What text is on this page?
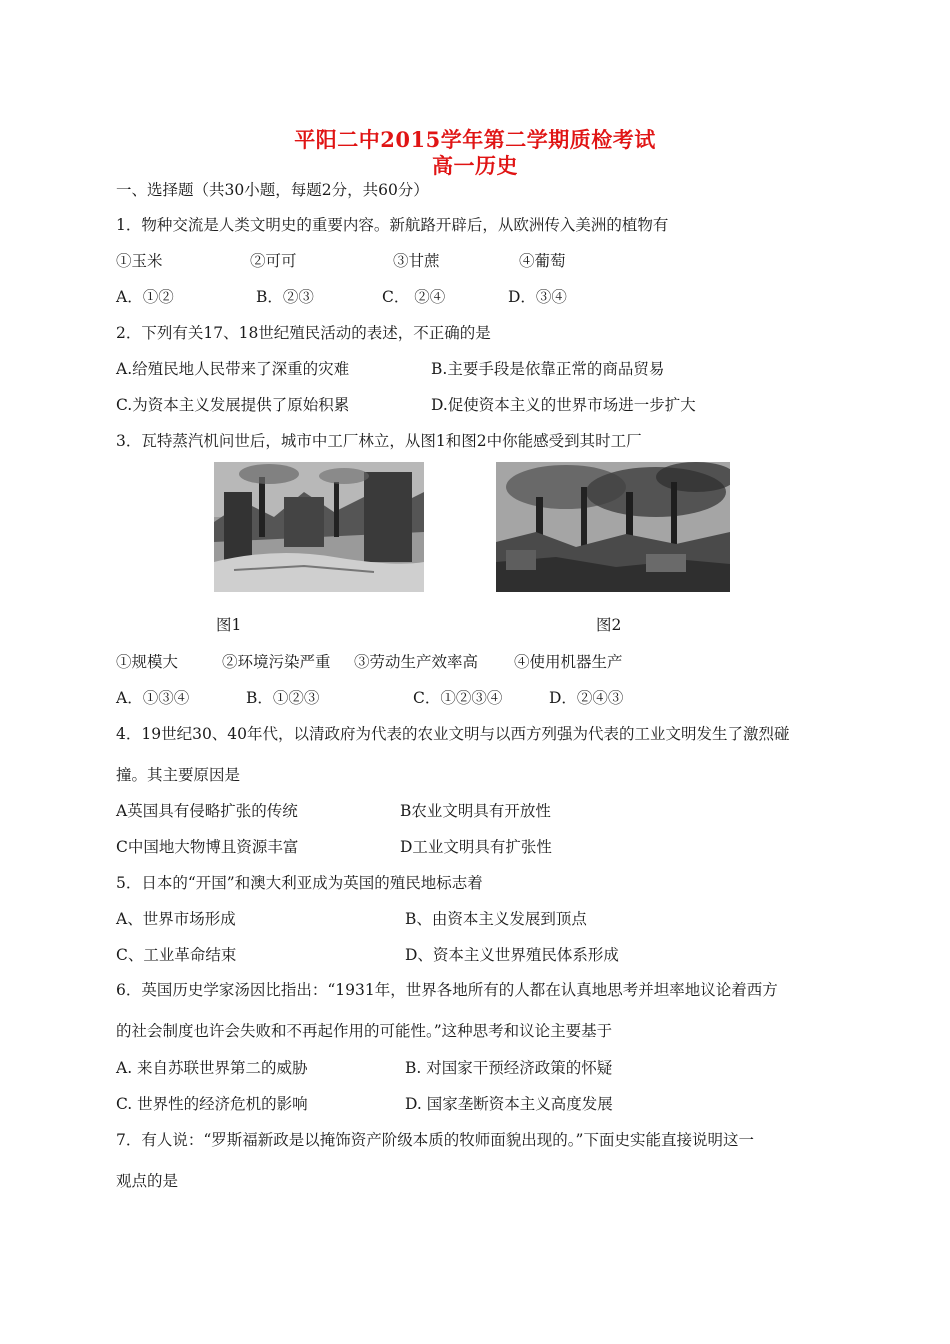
平阳二中2015学年第二学期质检考试
高一历史
一、选择题（共30小题，每题2分，共60分）
1．物种交流是人类文明史的重要内容。新航路开辟后，从欧洲传入美洲的植物有
①玉米	②可可	③甘蔗	④葡萄
A．①②	B．②③	C． ②④	D．③④
2．下列有关17、18世纪殖民活动的表述，不正确的是
A.给殖民地人民带来了深重的灾难	B.主要手段是依靠正常的商品贸易
C.为资本主义发展提供了原始积累	D.促使资本主义的世界市场进一步扩大
3．瓦特蒸汽机问世后，城市中工厂林立，从图1和图2中你能感受到其时工厂
图1	图2
①规模大	②环境污染严重 ③劳动生产效率高 ④使用机器生产
A．①③④	B．①②③	C．①②③④	D．②④③
4．19世纪30、40年代，以清政府为代表的农业文明与以西方列强为代表的工业文明发生了激烈碰
撞。其主要原因是
A英国具有侵略扩张的传统	B农业文明具有开放性
C中国地大物博且资源丰富	D工业文明具有扩张性
5．日本的“开国”和澳大利亚成为英国的殖民地标志着
A、世界市场形成	B、由资本主义发展到顶点
C、工业革命结束	D、资本主义世界殖民体系形成
6．英国历史学家汤因比指出：“1931年，世界各地所有的人都在认真地思考并坦率地议论着西方
的社会制度也许会失败和不再起作用的可能性。”这种思考和议论主要基于
A. 来自苏联世界第二的威胁	B. 对国家干预经济政策的怀疑
C. 世界性的经济危机的影响	D. 国家垄断资本主义高度发展
7．有人说：“罗斯福新政是以掩饰资产阶级本质的牧师面貌出现的。”下面史实能直接说明这一
观点的是
